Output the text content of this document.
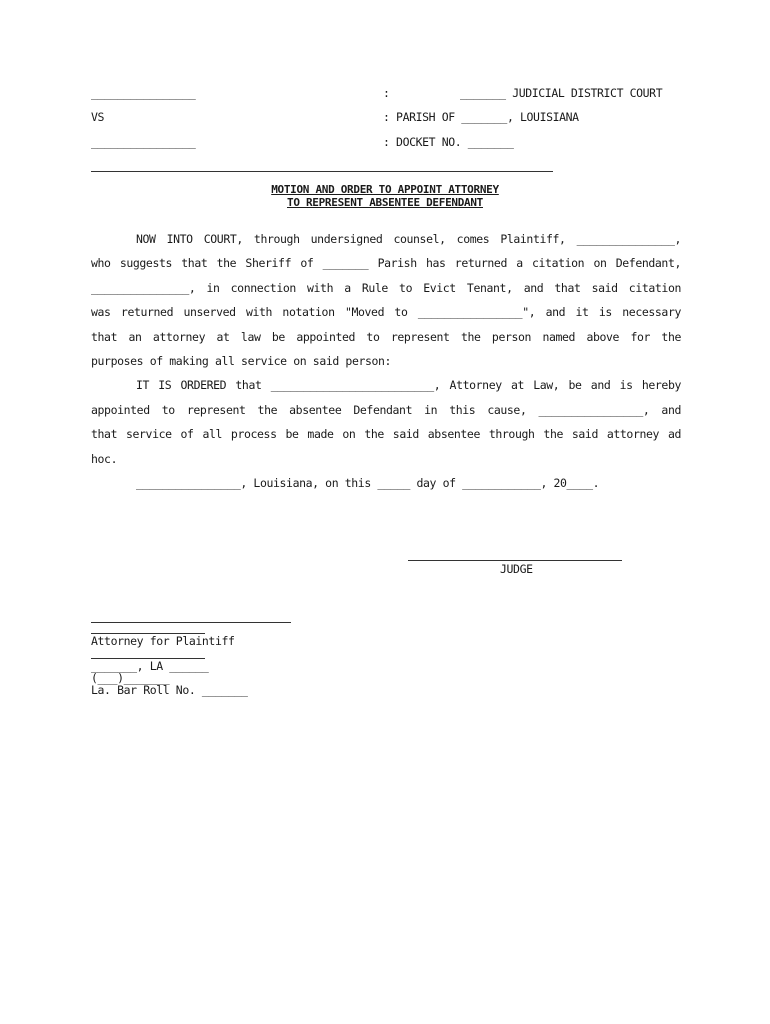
________________
VS
________________
:	_______ JUDICIAL DISTRICT COURT
: PARISH OF _______, LOUISIANA
: DOCKET NO. _______
MOTION AND ORDER TO APPOINT ATTORNEY
TO REPRESENT ABSENTEE DEFENDANT
NOW INTO COURT, through undersigned counsel, comes Plaintiff, _______________,
who suggests that the Sheriff of _______ Parish has returned a citation on Defendant,
_______________, in connection with a Rule to Evict Tenant, and that said citation
was returned unserved with notation "Moved to ________________", and it is necessary
that an attorney at law be appointed to represent the person named above for the
purposes of making all service on said person:
IT IS ORDERED that _________________________, Attorney at Law, be and is hereby
appointed to represent the absentee Defendant in this cause, ________________, and
that service of all process be made on the said absentee through the said attorney ad
hoc.
________________, Louisiana, on this _____ day of ____________, 20____.
JUDGE
Attorney for Plaintiff
_______, LA ______
(___)_______
La. Bar Roll No. _______
